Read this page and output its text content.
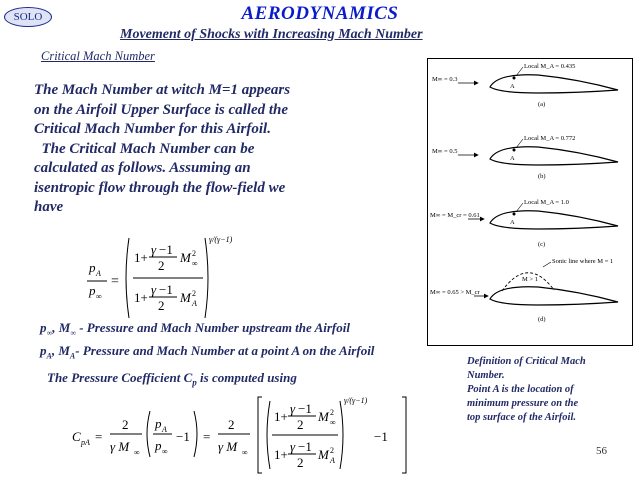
SOLO	AERODYNAMICS
Movement of Shocks with Increasing Mach Number
Critical Mach Number
The Mach Number at witch M=1 appears
on the Airfoil Upper Surface is called the
Critical Mach Number for this Airfoil.
The Critical Mach Number can be
calculated as follows. Assuming an
isentropic flow through the flow-field we
have
p A
p ∞
=
1+
γ −1
2
M 2
∞
1+
γ −1
2
M 2
A
γ/(γ−1)
$p_\infty$, $M_\infty$ - Pressure and Mach Number upstream the Airfoil
$p_A$, $M_A-$ Pressure and Mach Number at a point A on the Airfoil
The Pressure Coefficient $C_p$ is computed using
C pA =
2
γ M ∞
p A
p ∞
−1 =
2
γ M ∞
1+
γ −1
2
M 2
∞
1+
γ −1
2
M 2
A
γ/(γ−1)
−1
M∞ = 0.3
A
Local M_A = 0.435
(a)
M∞ = 0.5
A
Local M_A = 0.772
(b)
M∞ = M_cr = 0.61
A
Local M_A = 1.0
(c)
M∞ = 0.65 > M_cr
Sonic line where M = 1
M > 1
(d)
Definition of Critical Mach
Number.
Point A is the location of
minimum pressure on the
top surface of the Airfoil.
56
